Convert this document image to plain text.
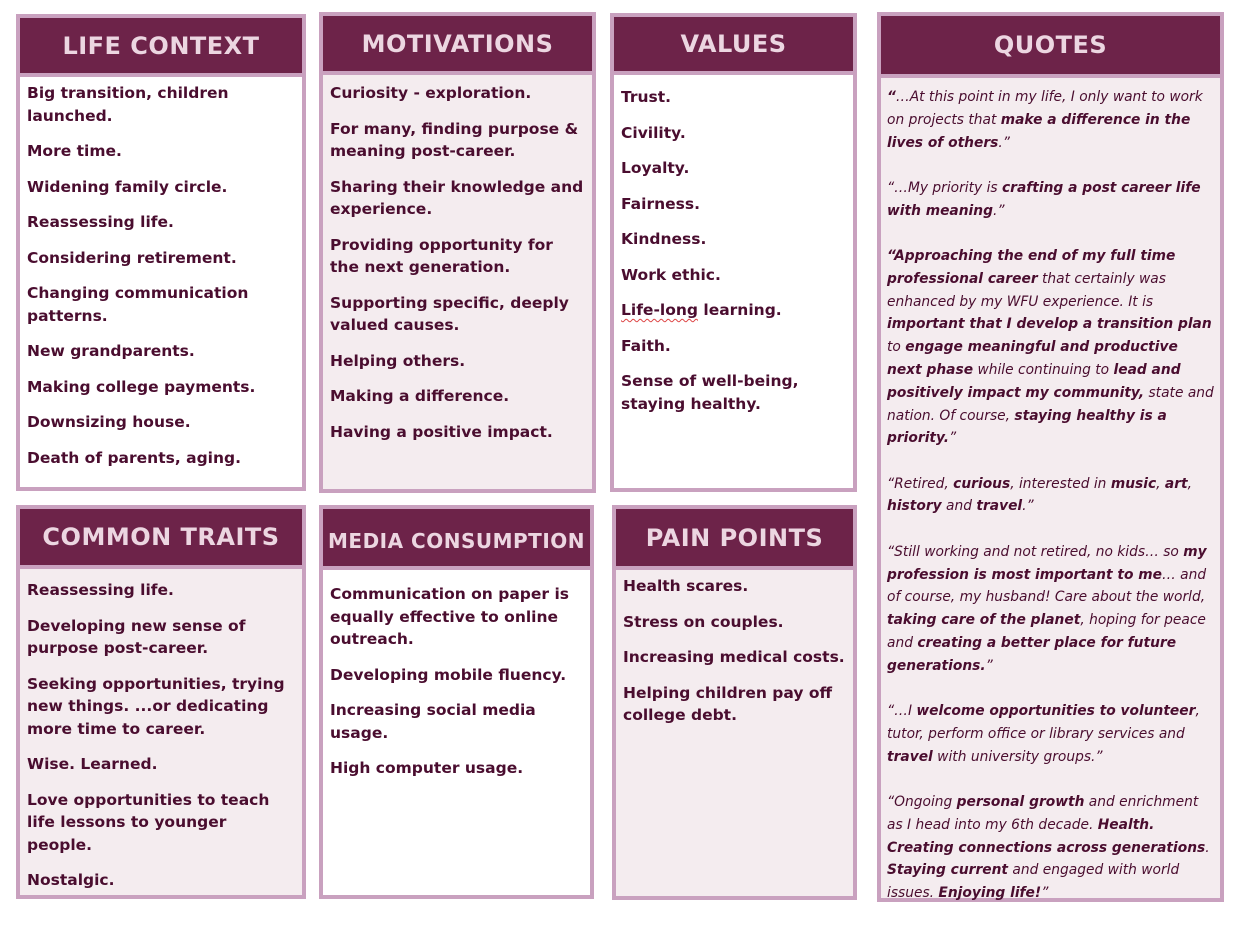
LIFE CONTEXT
Big transition, children launched.
More time.
Widening family circle.
Reassessing life.
Considering retirement.
Changing communication patterns.
New grandparents.
Making college payments.
Downsizing house.
Death of parents, aging.
MOTIVATIONS
Curiosity - exploration.
For many, finding purpose & meaning post-career.
Sharing their knowledge and experience.
Providing opportunity for the next generation.
Supporting specific, deeply valued causes.
Helping others.
Making a difference.
Having a positive impact.
VALUES
Trust.
Civility.
Loyalty.
Fairness.
Kindness.
Work ethic.
Life-long learning.
Faith.
Sense of well-being, staying healthy.
COMMON TRAITS
Reassessing life.
Developing new sense of purpose post-career.
Seeking opportunities, trying new things. ...or dedicating more time to career.
Wise. Learned.
Love opportunities to teach life lessons to younger people.
Nostalgic.
MEDIA CONSUMPTION
Communication on paper is equally effective to online outreach.
Developing mobile fluency.
Increasing social media usage.
High computer usage.
PAIN POINTS
Health scares.
Stress on couples.
Increasing medical costs.
Helping children pay off college debt.
QUOTES

“…At this point in my life, I only want to work on projects that make a difference in the lives of others.”

“…My priority is crafting a post career life with meaning.”

“Approaching the end of my full time professional career that certainly was enhanced by my WFU experience. It is important that I develop a transition plan to engage meaningful and productive next phase while continuing to lead and positively impact my community, state and nation. Of course, staying healthy is a priority.”

“Retired, curious, interested in music, art, history and travel.”

“Still working and not retired, no kids… so my profession is most important to me… and of course, my husband! Care about the world, taking care of the planet, hoping for peace and creating a better place for future generations.”

“…I welcome opportunities to volunteer, tutor, perform office or library services and travel with university groups.”

“Ongoing personal growth and enrichment as I head into my 6th decade. Health. Creating connections across generations. Staying current and engaged with world issues. Enjoying life!”
